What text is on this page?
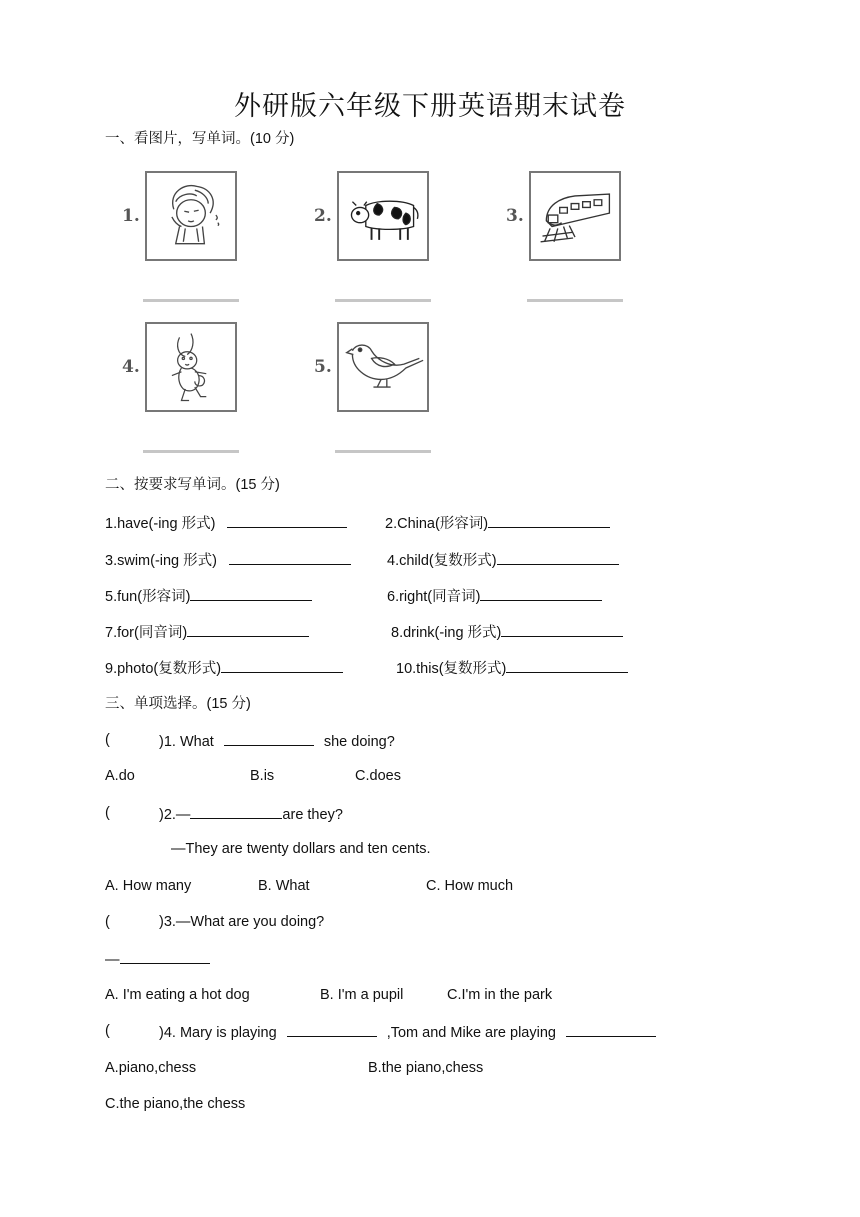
外研版六年级下册英语期末试卷
一、看图片，写单词。(10 分)
1.	2.	3.
4.	5.
二、按要求写单词。(15 分)
1.have(-ing 形式)	2.China(形容词)
3.swim(-ing 形式)	4.child(复数形式)
5.fun(形容词)	6.right(同音词)
7.for(同音词)	8.drink(-ing 形式)
9.photo(复数形式)	10.this(复数形式)
三、单项选择。(15 分)
(	)1. What	she doing?
A.do	B.is	C.does
(	)2.—	are they?
—They are twenty dollars and ten cents.
A. How many	B. What	C. How much
(	)3.—What are you doing?
—
A. I'm eating a hot dog	B. I'm a pupil	C.I'm in the park
(	)4. Mary is playing	,Tom and Mike are playing
A.piano,chess	B.the piano,chess
C.the piano,the chess
